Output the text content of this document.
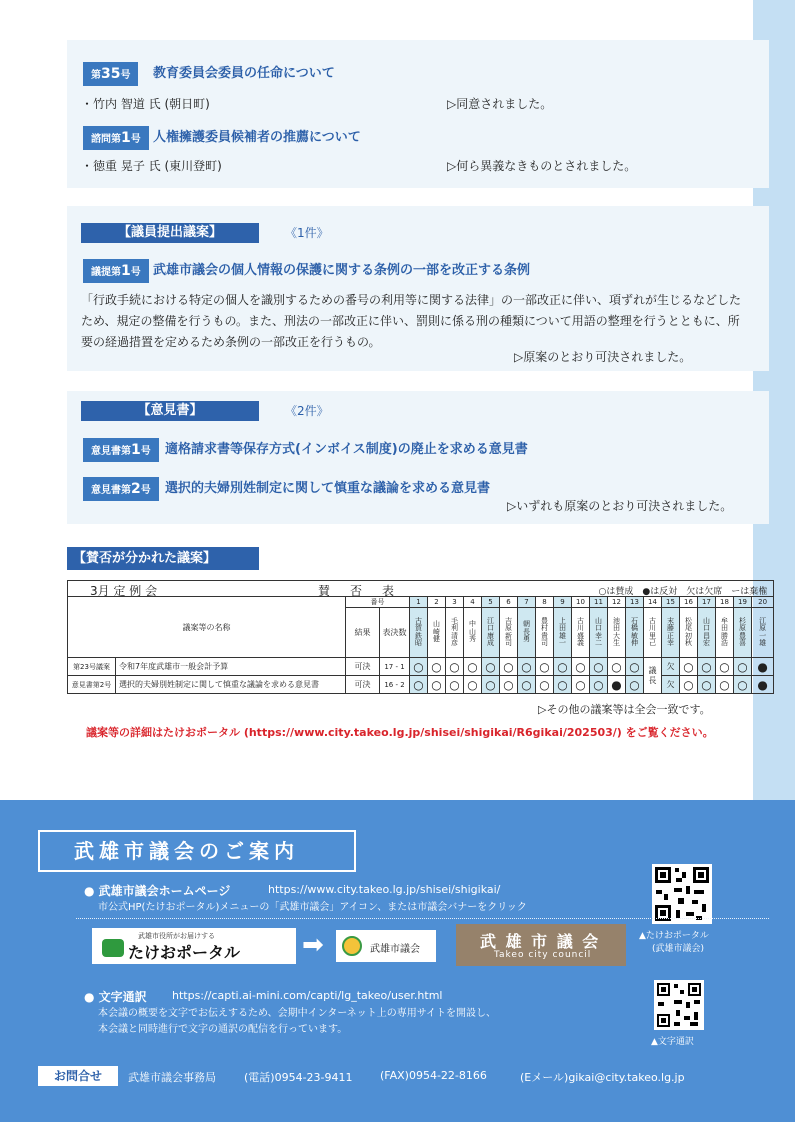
第35号	教育委員会委員の任命について
・竹内 智道 氏 (朝日町)	▷同意されました。
諮問第1号 人権擁護委員候補者の推薦について
・徳重 晃子 氏 (東川登町)	▷何ら異義なきものとされました。
【議員提出議案】	《1件》
議提第1号 武雄市議会の個人情報の保護に関する条例の一部を改正する条例
「行政手続における特定の個人を識別するための番号の利用等に関する法律」の一部改正に伴い、項ずれが生じるなどしたため、規定の整備を行うもの。また、刑法の一部改正に伴い、罰則に係る刑の種類について用語の整理を行うとともに、所要の経過措置を定めるため条例の一部改正を行うもの。
▷原案のとおり可決されました。
【意見書】	《2件》
意見書第1号	適格請求書等保存方式(インボイス制度)の廃止を求める意見書
意見書第2号	選択的夫婦別姓制定に関して慎重な議論を求める意見書
▷いずれも原案のとおり可決されました。
【賛否が分かれた議案】
3月 定 例 会 賛　否　表 ○は賛成　●は反対　欠は欠席　ーは棄権																							

議案等の名称		番号		1	2	3	4	5	6	7	8	9	10	11	12	13	14	15	16	17	18	19	20
		結果	表決数	古賀鉄昭	山崎健	毛利清彦	中山秀	江口康成	吉原新司	朝長勇	豊村貴司	上田雄一	古川盛義	山口幸二	池田大生	石橋敏伸	古川里己	末藤正幸	松尾初秋	山口昌宏	牟田勝浩	杉原豊喜	江原一雄

第23号議案	令和7年度武雄市一般会計予算	可決	17 - 1	○	○	○	○	○	○	○	○	○	○	○	○	○	議長	欠	○	○	○	○	●
意見書第2号	選択的夫婦別姓制定に関して慎重な議論を求める意見書	可決	16 - 2	○	○	○	○	○	○	○	○	○	○	○	●	○		欠	○	○	○	○	●
▷その他の議案等は全会一致です。
議案等の詳細はたけおポータル (https://www.city.takeo.lg.jp/shisei/shigikai/R6gikai/202503/) をご覧ください。
武雄市議会のご案内
● 武雄市議会ホームページ	https://www.city.takeo.lg.jp/shisei/shigikai/
市公式HP(たけおポータル)メニューの「武雄市議会」アイコン、または市議会バナーをクリック
▲たけおポータル
(武雄市議会)
武雄市役所がお届けする
たけおポータル ➡	武雄市議会	武 雄 市 議 会
Takeo city council
● 文字通訳 https://capti.ai-mini.com/capti/lg_takeo/user.html
本会議の概要を文字でお伝えするため、会期中インターネット上の専用サイトを開設し、
本会議と同時進行で文字の通訳の配信を行っています。
▲文字通訳
お問合せ	武雄市議会事務局	(電話)0954-23-9411 (FAX)0954-22-8166	(Eメール)gikai@city.takeo.lg.jp
